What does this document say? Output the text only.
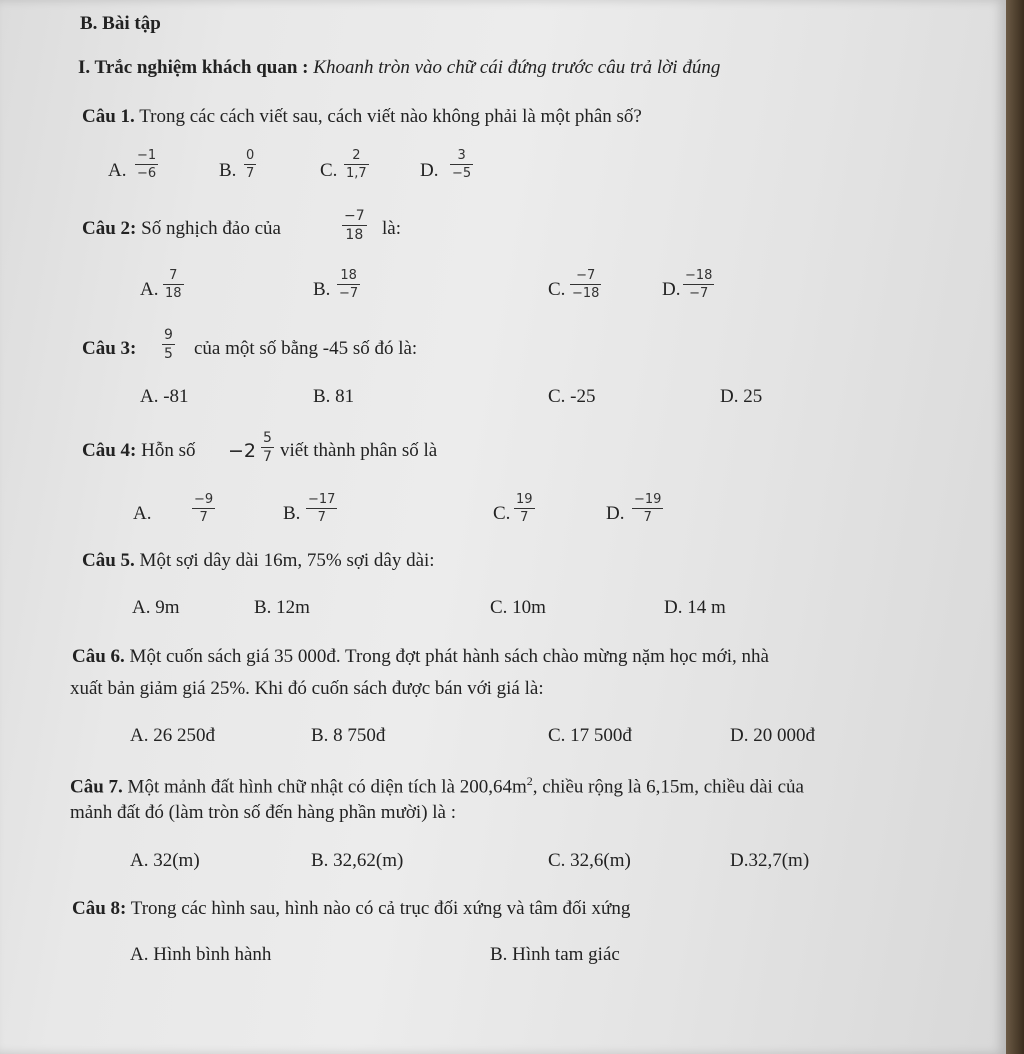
B. Bài tập
I. Trắc nghiệm khách quan : Khoanh tròn vào chữ cái đứng trước câu trả lời đúng
Câu 1. Trong các cách viết sau, cách viết nào không phải là một phân số?
A.
−1
−6	B.
0
7	C.
2
1,7	D.
3
−5
Câu 2: Số nghịch đảo của
−7
18 là:
A.
7
18	B.
18
−7	C.
−7
−18	D.
−18
−7
Câu 3:
9
5 của một số bằng -45 số đó là:
A. -81	B. 81	C. -25	D. 25
Câu 4: Hỗn số −2
5
7 viết thành phân số là
A.
−9
7	B.
−17
7	C.
19
7	D.
−19
7
Câu 5. Một sợi dây dài 16m, 75% sợi dây dài:
A. 9m	B. 12m	C. 10m	D. 14 m
Câu 6. Một cuốn sách giá 35 000đ. Trong đợt phát hành sách chào mừng nặm học mới, nhà
xuất bản giảm giá 25%. Khi đó cuốn sách được bán với giá là:
A. 26 250đ	B. 8 750đ	C. 17 500đ	D. 20 000đ
Câu 7. Một mảnh đất hình chữ nhật có diện tích là $200,64m^2$, chiều rộng là 6,15m, chiều dài của
mảnh đất đó (làm tròn số đến hàng phần mười) là :
A. 32(m)	B. 32,62(m)	C. 32,6(m)	D.32,7(m)
Câu 8: Trong các hình sau, hình nào có cả trục đối xứng và tâm đối xứng
A. Hình bình hành	B. Hình tam giác
